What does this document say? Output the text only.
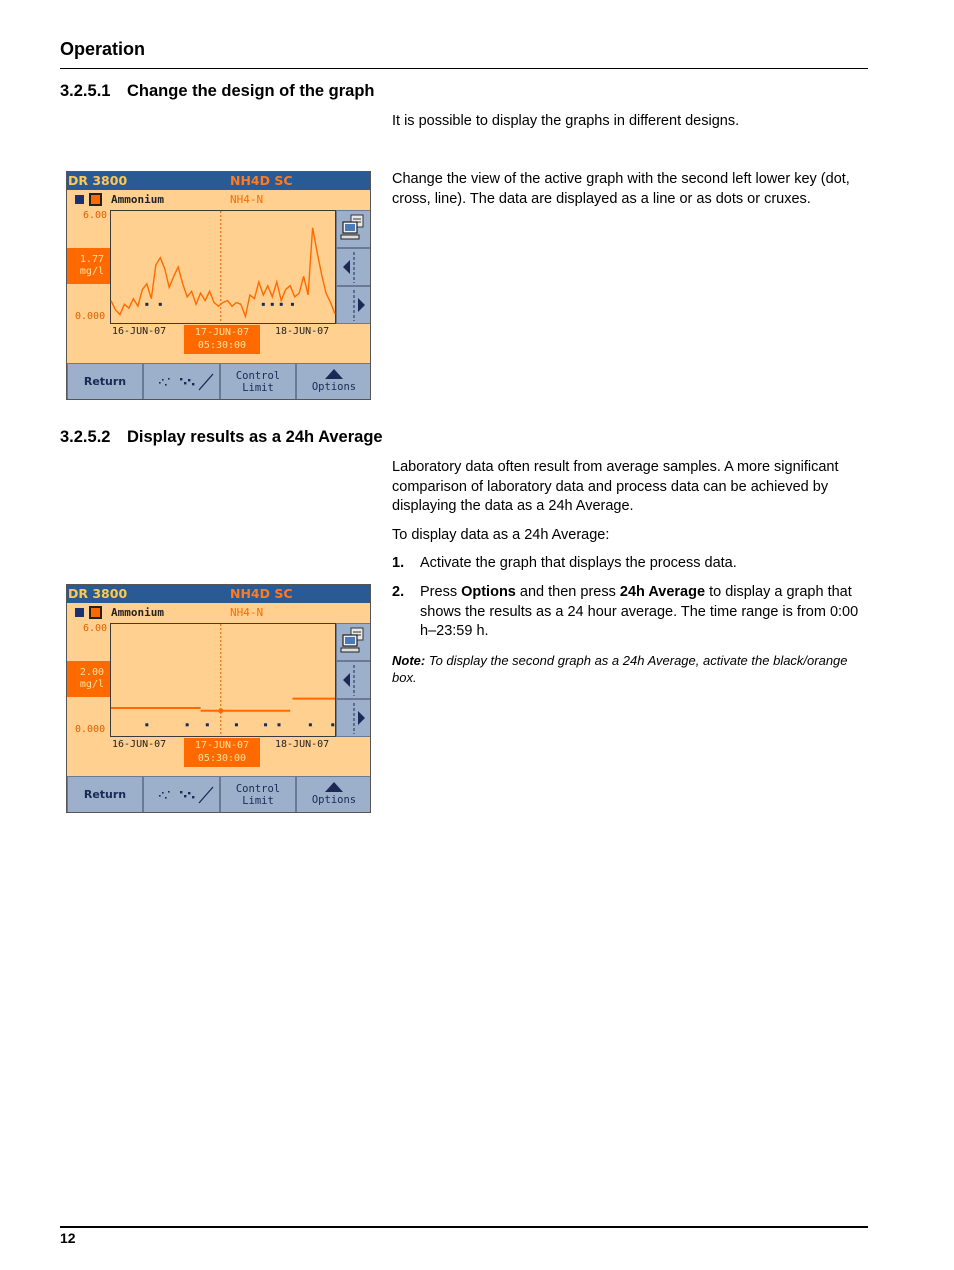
Operation
12
3.2.5.1 Change the design of the graph
It is possible to display the graphs in different designs.
Change the view of the active graph with the second left lower key (dot, cross, line). The data are displayed as a line or as dots or cruxes.
3.2.5.2 Display results as a 24h Average
Laboratory data often result from average samples. A more significant comparison of laboratory data and process data can be achieved by displaying the data as a 24h Average.
To display data as a 24h Average:
1. Activate the graph that displays the process data.
2. Press Options and then press 24h Average to display a graph that shows the results as a 24 hour average. The time range is from 0:00 h–23:59 h.
Note: To display the second graph as a 24h Average, activate the black/orange box.
DR 3800	NH4D SC
Ammonium	NH4-N
6.00
0.000
1.77
mg/l
16-JUN-07	17-JUN-07
05:30:00
18-JUN-07
Return	Control
Limit	Options
DR 3800	NH4D SC
Ammonium	NH4-N
6.00
0.000
2.00
mg/l
16-JUN-07	17-JUN-07
05:30:00
18-JUN-07
Return	Control
Limit	Options
